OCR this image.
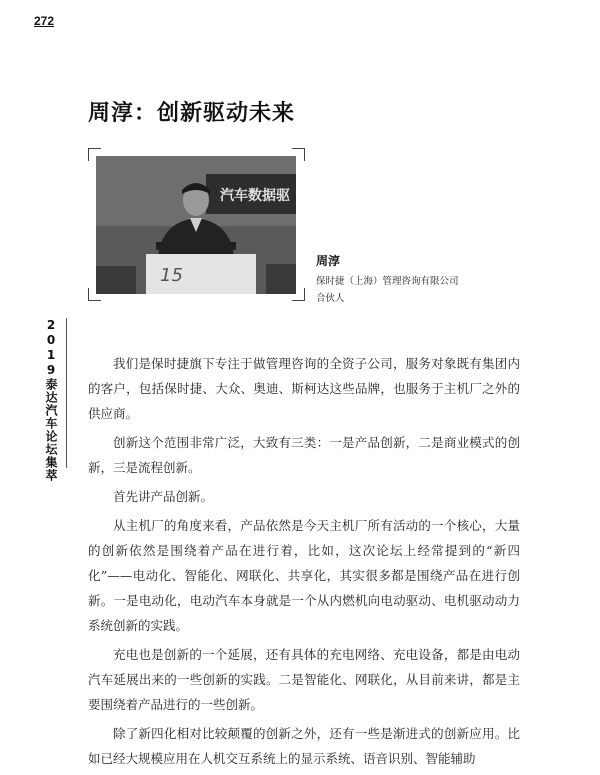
272
周淳：创新驱动未来
汽车数据驱
15
周淳
保时捷（上海）管理咨询有限公司
合伙人
2019泰达汽车论坛集萃	我们是保时捷旗下专注于做管理咨询的全资子公司，服务对象既有集团内的客户，包括保时捷、大众、奥迪、斯柯达这些品牌，也服务于主机厂之外的供应商。

创新这个范围非常广泛，大致有三类：一是产品创新，二是商业模式的创新，三是流程创新。

首先讲产品创新。

从主机厂的角度来看，产品依然是今天主机厂所有活动的一个核心，大量的创新依然是围绕着产品在进行着，比如，这次论坛上经常提到的“新四化”——电动化、智能化、网联化、共享化，其实很多都是围绕产品在进行创新。一是电动化，电动汽车本身就是一个从内燃机向电动驱动、电机驱动动力系统创新的实践。

充电也是创新的一个延展，还有具体的充电网络、充电设备，都是由电动汽车延展出来的一些创新的实践。二是智能化、网联化，从目前来讲，都是主要围绕着产品进行的一些创新。

除了新四化相对比较颠覆的创新之外，还有一些是渐进式的创新应用。比如已经大规模应用在人机交互系统上的显示系统、语音识别、智能辅助
